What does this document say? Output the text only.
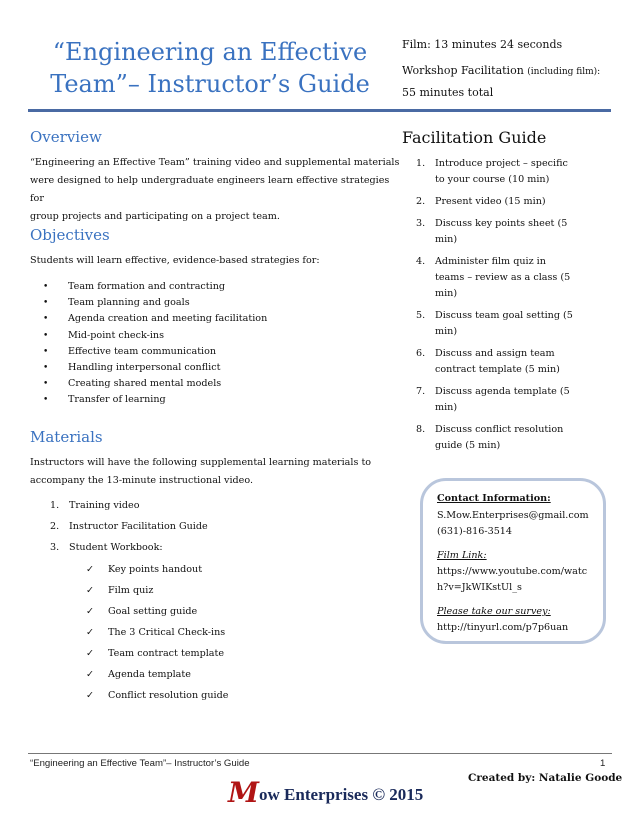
“Engineering an Effective
Team”– Instructor’s Guide
Film: 13 minutes 24 seconds
Workshop Facilitation (including film):
55 minutes total
Overview
“Engineering an Effective Team” training video and supplemental materials
were designed to help undergraduate engineers learn effective strategies for
group projects and participating on a project team.
Objectives
Students will learn effective, evidence-based strategies for:
• Team formation and contracting
• Team planning and goals
• Agenda creation and meeting facilitation
• Mid-point check-ins
• Effective team communication
• Handling interpersonal conflict
• Creating shared mental models
• Transfer of learning
Materials
Instructors will have the following supplemental learning materials to
accompany the 13-minute instructional video.
1. Training video
2. Instructor Facilitation Guide
3. Student Workbook:
✓ Key points handout
✓ Film quiz
✓ Goal setting guide
✓ The 3 Critical Check-ins
✓ Team contract template
✓ Agenda template
✓ Conflict resolution guide
Facilitation Guide
1. Introduce project – specific
to your course (10 min)
2. Present video (15 min)
3. Discuss key points sheet (5
min)
4. Administer film quiz in
teams – review as a class (5
min)
5. Discuss team goal setting (5
min)
6. Discuss and assign team
contract template (5 min)
7. Discuss agenda template (5
min)
8. Discuss conflict resolution
guide (5 min)
Contact Information:
S.Mow.Enterprises@gmail.com
(631)-816-3514
Film Link:
https://www.youtube.com/watc
h?v=JkWIKstUl_s
Please take our survey:
http://tinyurl.com/p7p6uan
“Engineering an Effective Team”– Instructor’s Guide	1
Created by: Natalie Goode
Mow Enterprises © 2015
